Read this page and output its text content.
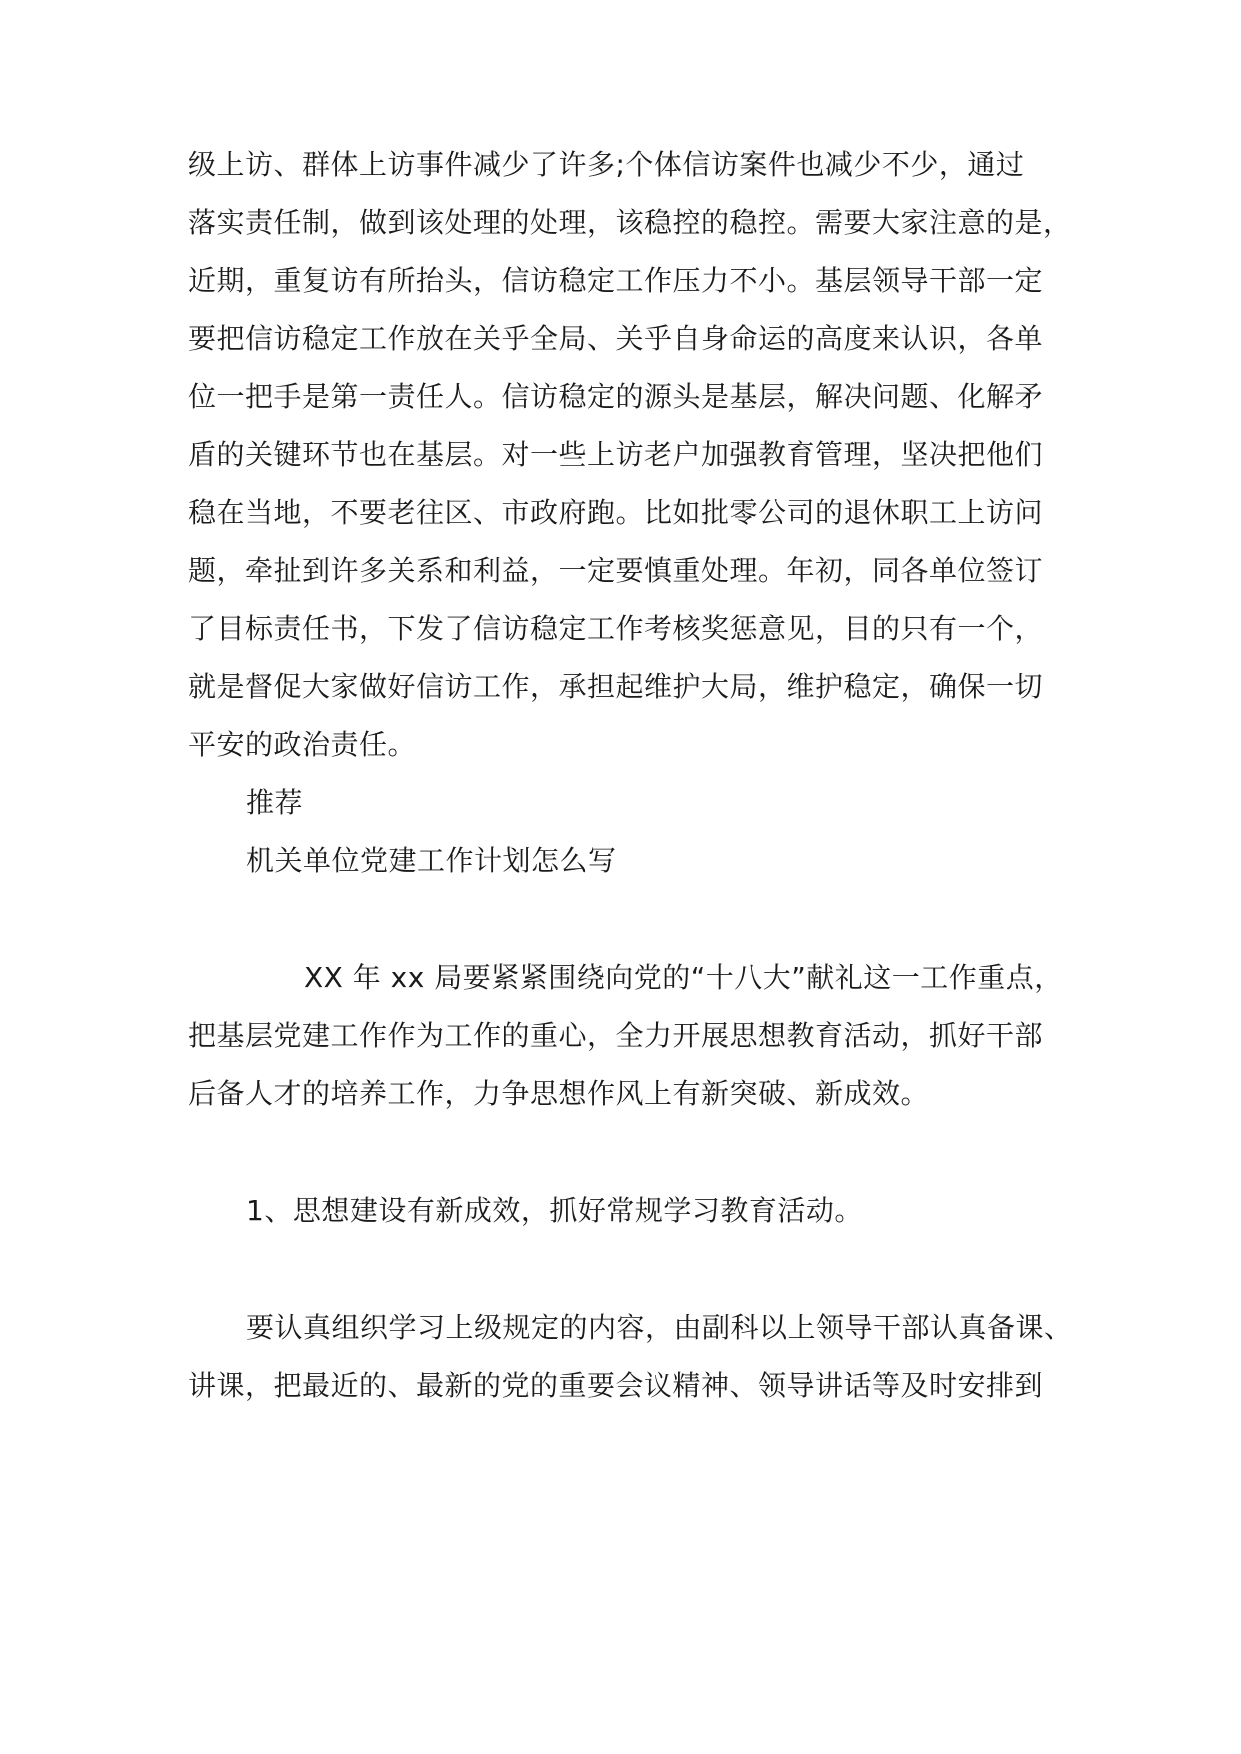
级上访、群体上访事件减少了许多;个体信访案件也减少不少，通过
落实责任制，做到该处理的处理，该稳控的稳控。需要大家注意的是，
近期，重复访有所抬头，信访稳定工作压力不小。基层领导干部一定
要把信访稳定工作放在关乎全局、关乎自身命运的高度来认识，各单
位一把手是第一责任人。信访稳定的源头是基层，解决问题、化解矛
盾的关键环节也在基层。对一些上访老户加强教育管理，坚决把他们
稳在当地，不要老往区、市政府跑。比如批零公司的退休职工上访问
题，牵扯到许多关系和利益，一定要慎重处理。年初，同各单位签订
了目标责任书，下发了信访稳定工作考核奖惩意见，目的只有一个，
就是督促大家做好信访工作，承担起维护大局，维护稳定，确保一切
平安的政治责任。
推荐
机关单位党建工作计划怎么写
XX 年 xx 局要紧紧围绕向党的“十八大”献礼这一工作重点，
把基层党建工作作为工作的重心，全力开展思想教育活动，抓好干部
后备人才的培养工作，力争思想作风上有新突破、新成效。
1、思想建设有新成效，抓好常规学习教育活动。
要认真组织学习上级规定的内容，由副科以上领导干部认真备课、
讲课，把最近的、最新的党的重要会议精神、领导讲话等及时安排到
